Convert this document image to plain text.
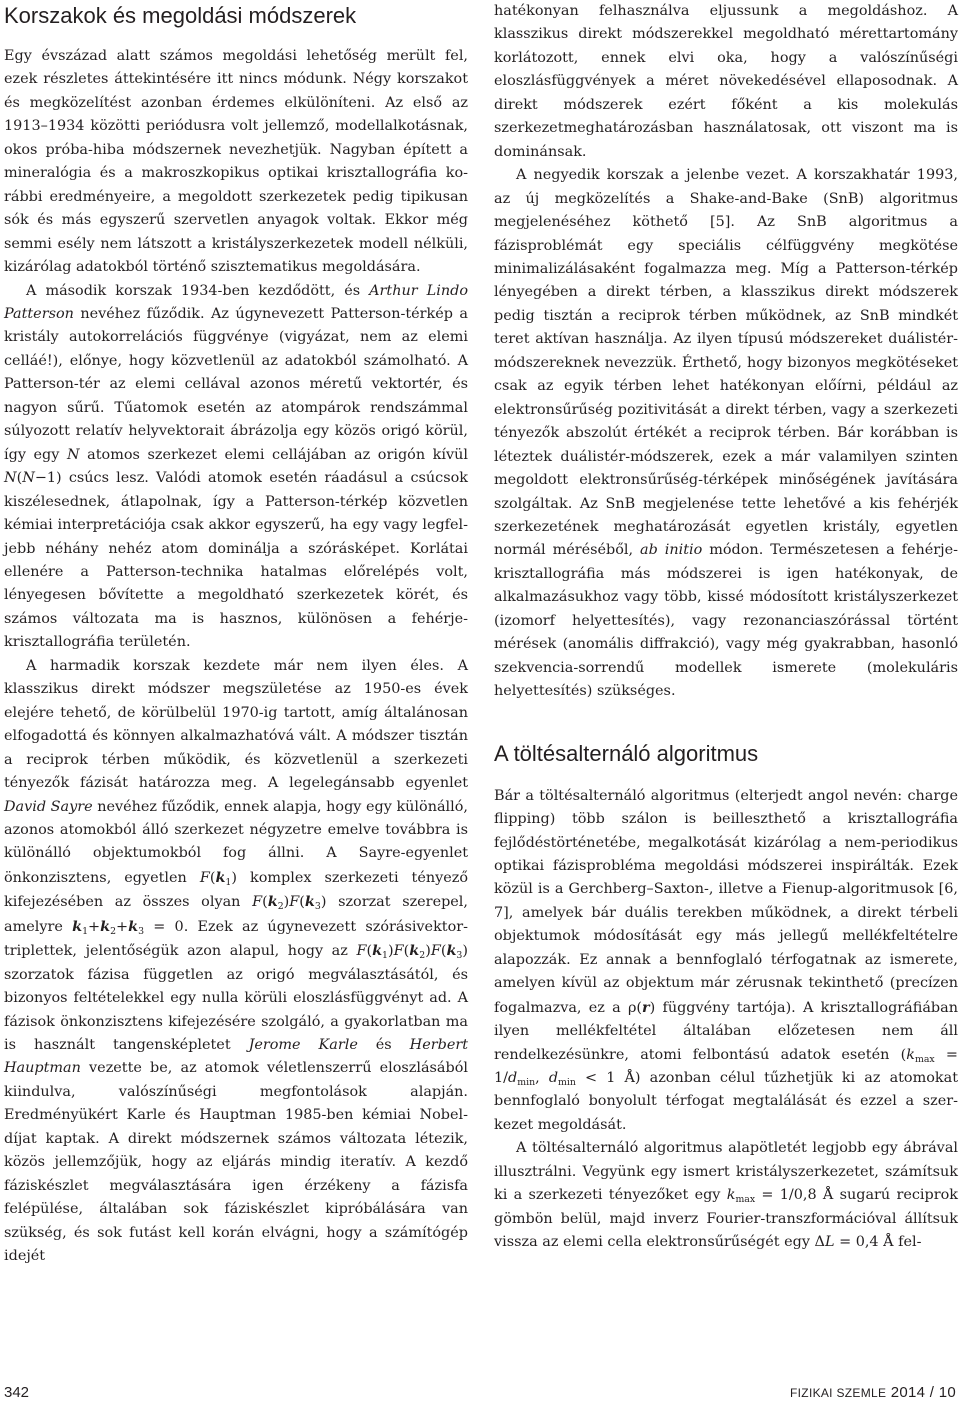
Korszakok és megoldási módszerek

Egy évszázad alatt számos megoldási lehetőség merült fel, ezek részletes áttekintésére itt nincs módunk. Négy korszakot és megközelítést azonban érdemes elkülöníteni. Az első az 1913–1934 közötti periódusra volt jellemző, modellalkotásnak, okos próba-hiba módszernek nevezhetjük. Nagyban épített a mineralógia és a makroszkopikus optikai krisztallográfia korábbi eredményeire, a megoldott szerkezetek pedig tipikusan sók és más egyszerű szervetlen anyagok voltak. Ekkor még semmi esély nem látszott a kristályszerkezetek modell nélküli, kizárólag adatokból történő szisztematikus megoldására.

A második korszak 1934-ben kezdődött, és Arthur Lindo Patterson nevéhez fűződik. Az úgynevezett Patterson-térkép a kristály autokorrelációs függvénye (vigyázat, nem az elemi celláé!), előnye, hogy közvetlenül az adatokból számolható. A Patterson-tér az elemi cellával azonos méretű vektortér, és nagyon sűrű. Tűatomok esetén az atompárok rendszámmal súlyozott relatív helyvektorait ábrázolja egy közös origó körül, így egy N atomos szerkezet elemi cellájában az origón kívül N(N−1) csúcs lesz. Valódi atomok esetén ráadásul a csúcsok kiszélesednek, átlapolnak, így a Patterson-térkép közvetlen kémiai interpretációja csak akkor egyszerű, ha egy vagy legfeljebb néhány nehéz atom dominálja a szórásképet. Korlátai ellenére a Patterson-technika hatalmas előrelépés volt, lényegesen bővítette a megoldható szerkezetek körét, és számos változata ma is hasznos, különösen a fehérje-krisztallográfia területén.

A harmadik korszak kezdete már nem ilyen éles. A klasszikus direkt módszer megszületése az 1950-es évek elejére tehető, de körülbelül 1970-ig tartott, amíg általánosan elfogadottá és könnyen alkalmazhatóvá vált. A módszer tisztán a reciprok térben működik, és közvetlenül a szerkezeti tényezők fázisát határozza meg. A legelegánsabb egyenlet David Sayre nevéhez fűződik, ennek alapja, hogy egy különálló, azonos atomokból álló szerkezet négyzetre emelve továbbra is különálló objektumokból fog állni. A Sayre-egyenlet önkonzisztens, egyetlen $F(k_1)$ komplex szerkezeti tényező kifejezésében az összes olyan $F(k_2)F(k_3)$ szorzat szerepel, amelyre $k_1+k_2+k_3 = 0$. Ezek az úgynevezett szórásivektor-triplettek, jelentőségük azon alapul, hogy az $F(k_1)F(k_2)F(k_3)$ szorzatok fázisa független az origó megválasztásától, és bizonyos feltételekkel egy nulla körüli eloszlásfüggvényt ad. A fázisok önkonzisztens kifejezésére szolgáló, a gyakorlatban ma is használt tangensképletet Jerome Karle és Herbert Hauptman vezette be, az atomok véletlenszerrű eloszlásából kiindulva, valószínűségi megfontolások alapján. Eredményükért Karle és Hauptman 1985-ben kémiai Nobel-díjat kaptak. A direkt módszernek számos változata létezik, közös jellemzőjük, hogy az eljárás mindig iteratív. A kezdő fáziskészlet megválasztására igen érzékeny a fázisfa felépülése, általában sok fáziskészlet kipróbálására van szükség, és sok futást kell korán elvágni, hogy a számítógép idejét

hatékonyan felhasználva eljussunk a megoldáshoz. A klasszikus direkt módszerekkel megoldható mérettartomány korlátozott, ennek elvi oka, hogy a valószínűségi eloszlásfüggvények a méret növekedésével ellaposodnak. A direkt módszerek ezért főként a kis molekulás szerkezetmeghatározásban használatosak, ott viszont ma is dominánsak.

A negyedik korszak a jelenbe vezet. A korszakhatár 1993, az új megközelítés a Shake-and-Bake (SnB) algoritmus megjelenéséhez köthető [5]. Az SnB algoritmus a fázisproblémát egy speciális célfüggvény megkötése minimalizálásaként fogalmazza meg. Míg a Patterson-térkép lényegében a direkt térben, a klasszikus direkt módszerek pedig tisztán a reciprok térben működnek, az SnB mindkét teret aktívan használja. Az ilyen típusú módszereket duálistér-módszereknek nevezzük. Érthető, hogy bizonyos megkötéseket csak az egyik térben lehet hatékonyan előírni, például az elektronsűrűség pozitivitását a direkt térben, vagy a szerkezeti tényezők abszolút értékét a reciprok térben. Bár korábban is léteztek duálistér-módszerek, ezek a már valamilyen szinten megoldott elektronsűrűség-térképek minőségének javítására szolgáltak. Az SnB megjelenése tette lehetővé a kis fehérjék szerkezetének meghatározását egyetlen kristály, egyetlen normál méréséből, ab initio módon. Természetesen a fehérje-krisztallográfia más módszerei is igen hatékonyak, de alkalmazásukhoz vagy több, kissé módosított kristályszerkezet (izomorf helyettesítés), vagy rezonanciaszórással történt mérések (anomális diffrakció), vagy még gyakrabban, hasonló szekvencia-sorrendű modellek ismerete (molekuláris helyettesítés) szükséges.

A töltésalternáló algoritmus

Bár a töltésalternáló algoritmus (elterjedt angol nevén: charge flipping) több szálon is beilleszthető a krisztallográfia fejlődéstörténetébe, megalkotását kizárólag a nem-periodikus optikai fázisprobléma megoldási módszerei inspirálták. Ezek közül is a Gerchberg–Saxton-, illetve a Fienup-algoritmusok [6, 7], amelyek bár duális terekben működnek, a direkt térbeli objektumok módosítását egy más jellegű mellékfeltételre alapozzák. Ez annak a bennfoglaló térfogatnak az ismerete, amelyen kívül az objektum már zérusnak tekinthető (precízen fogalmazva, ez a ρ(r) függvény tartója). A krisztallográfiában ilyen mellékfeltétel általában előzetesen nem áll rendelkezésünkre, atomi felbontású adatok esetén ($k_{max} = 1/d_{min}$, $d_{min} < 1$ Å) azonban célul tűzhetjük ki az atomokat bennfoglaló bonyolult térfogat megtalálását és ezzel a szerkezet megoldását.

A töltésalternáló algoritmus alapötletét legjobb egy ábrával illusztrálni. Vegyünk egy ismert kristályszerkezetet, számítsuk ki a szerkezeti tényezőket egy $k_{max} = 1/0,8$ Å sugarú reciprok gömbön belül, majd inverz Fourier-transzformációval állítsuk vissza az elemi cella elektronsűrűségét egy ΔL = 0,4 Å fel-

342	FIZIKAI SZEMLE 2014 / 10
